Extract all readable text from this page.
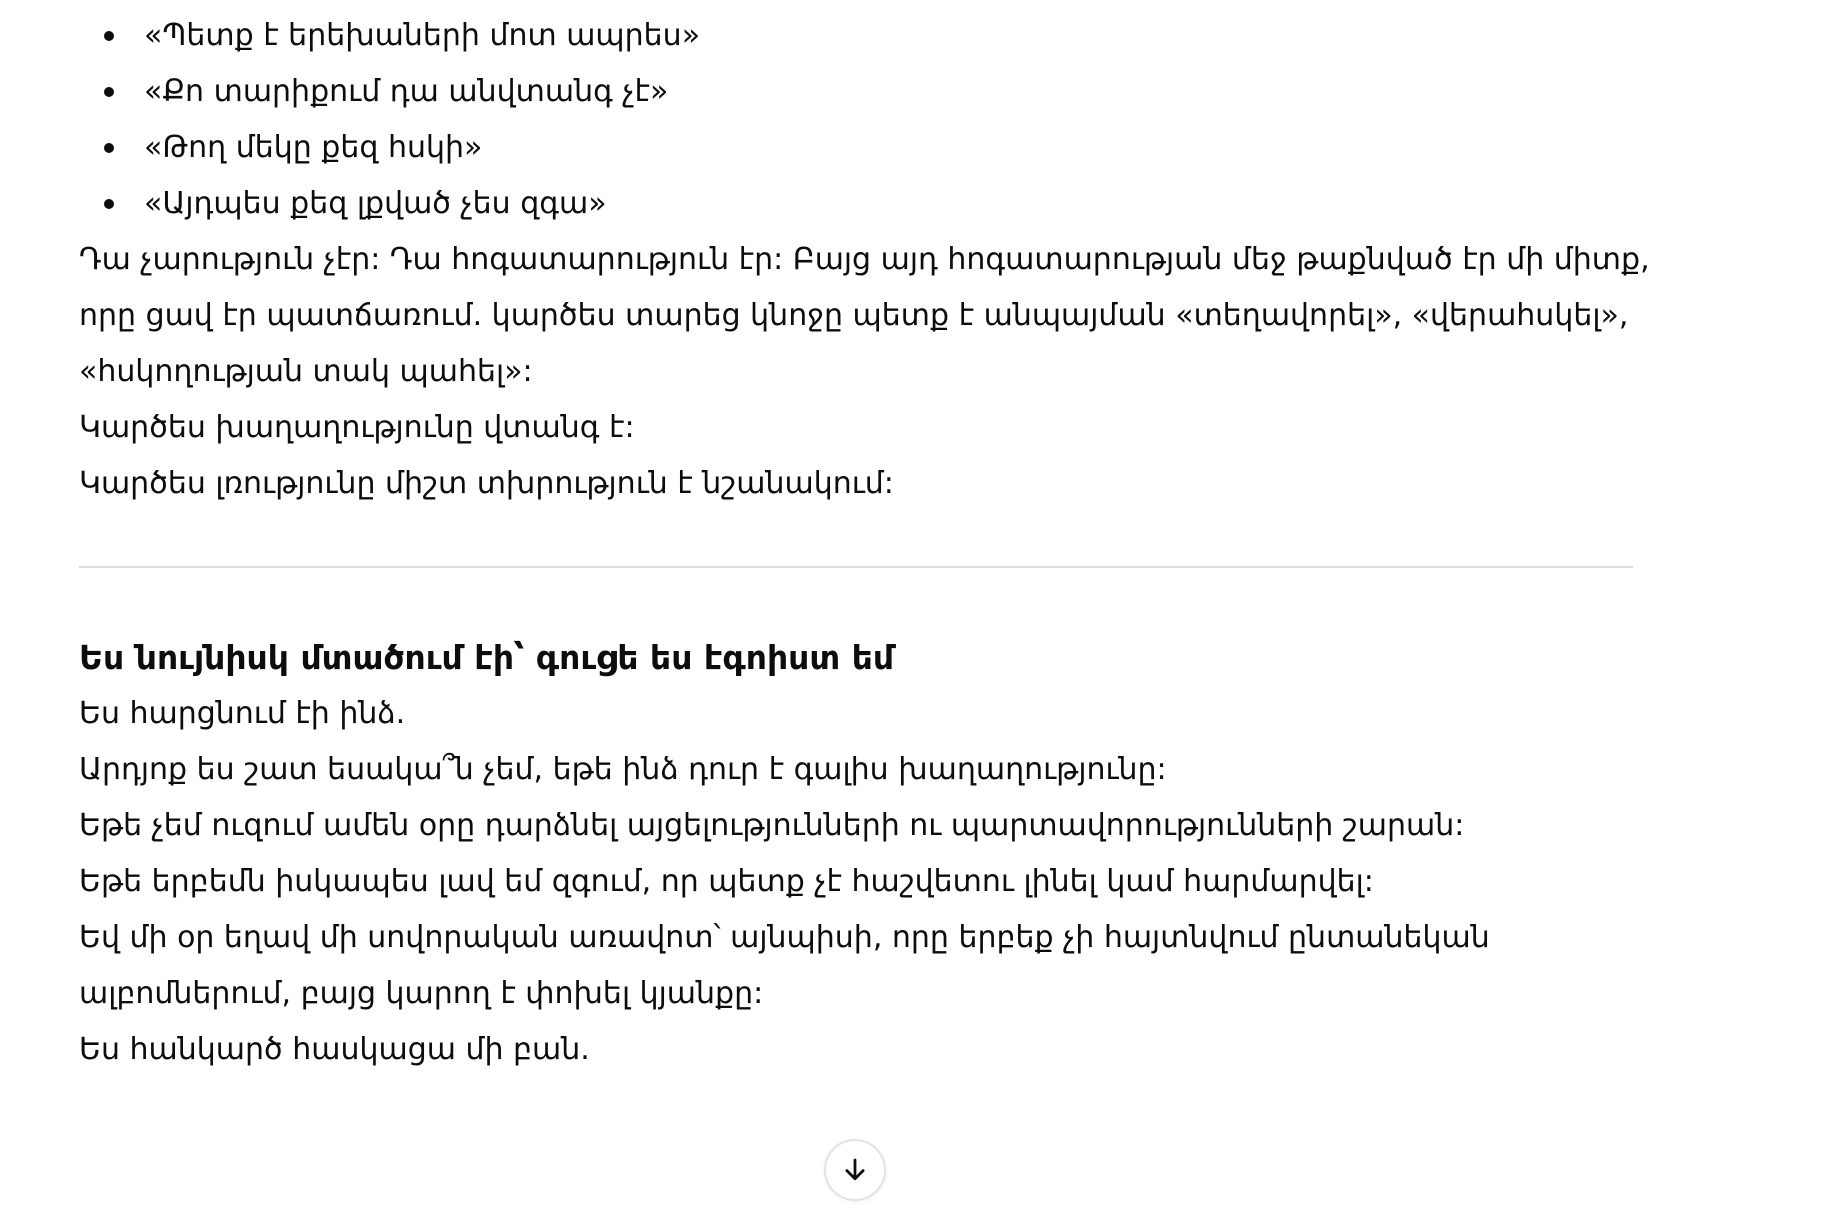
«Պետք է երեխաների մոտ ապրես»
«Քո տարիքում դա անվտանգ չէ»
«Թող մեկը քեզ հսկի»
«Այդպես քեզ լքված չես զգա»

Դա չարություն չէր: Դա հոգատարություն էր: Բայց այդ հոգատարության մեջ թաքնված էր մի միտք,
որը ցավ էր պատճառում. կարծես տարեց կնոջը պետք է անպայման «տեղավորել», «վերահսկել»,
«հսկողության տակ պահել»:

Կարծես խաղաղությունը վտանգ է:
Կարծես լռությունը միշտ տխրություն է նշանակում:

Ես նույնիսկ մտածում էի՝ գուցե ես էգոիստ եմ

Ես հարցնում էի ինձ.

Արդյոք ես շատ եսակա՞ն չեմ, եթե ինձ դուր է գալիս խաղաղությունը:
Եթե չեմ ուզում ամեն օրը դարձնել այցելությունների ու պարտավորությունների շարան:
Եթե երբեմն իսկապես լավ եմ զգում, որ պետք չէ հաշվետու լինել կամ հարմարվել:

Եվ մի օր եղավ մի սովորական առավոտ՝ այնպիսի, որը երբեք չի հայտնվում ընտանեկան
ալբոմներում, բայց կարող է փոխել կյանքը:

Ես հանկարծ հասկացա մի բան.
